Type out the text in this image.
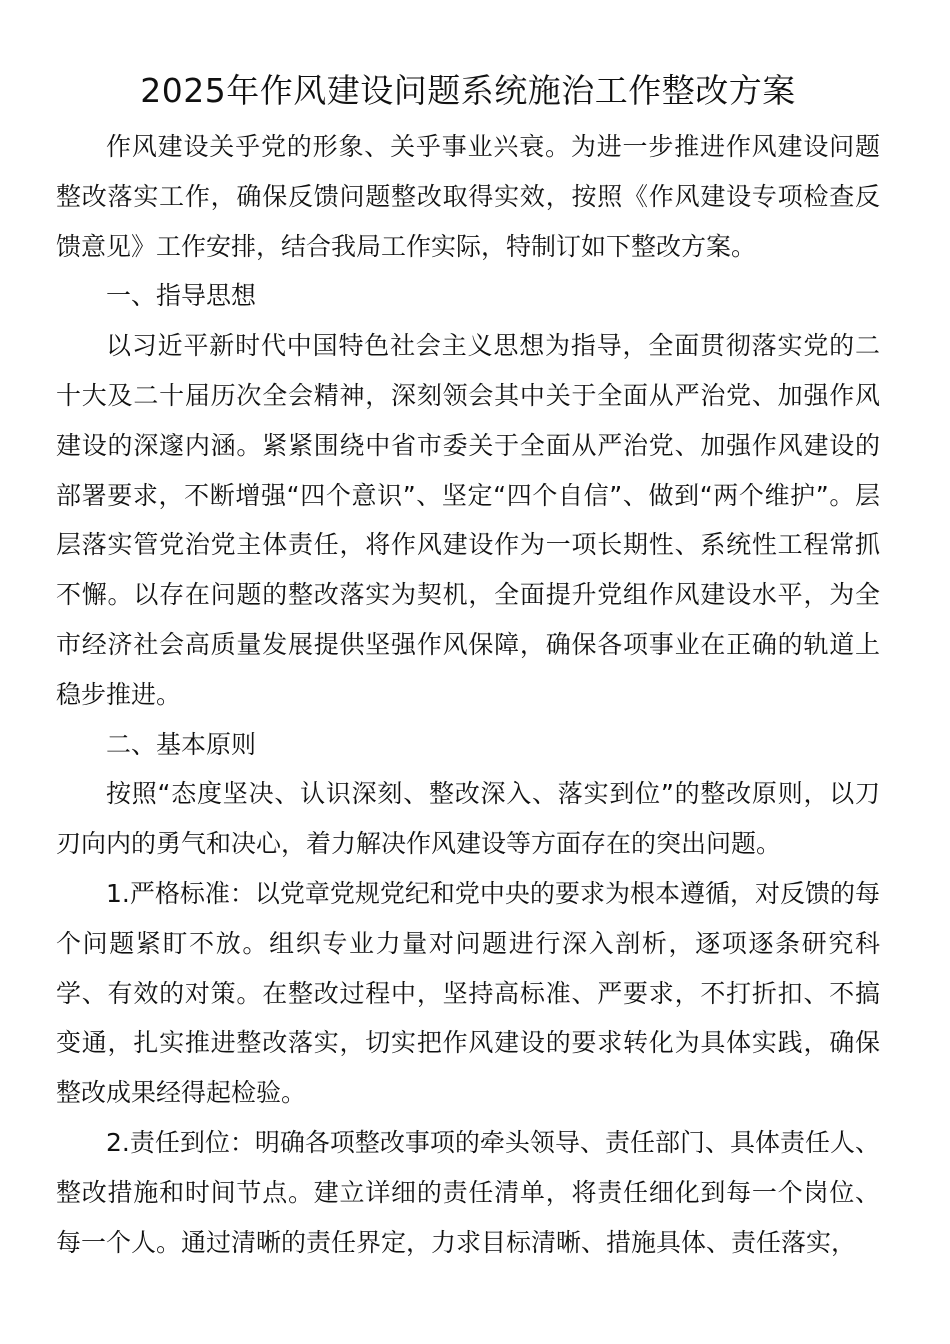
2025年作风建设问题系统施治工作整改方案

作风建设关乎党的形象、关乎事业兴衰。为进一步推进作风建设问题整改落实工作，确保反馈问题整改取得实效，按照《作风建设专项检查反馈意见》工作安排，结合我局工作实际，特制订如下整改方案。

一、指导思想

以习近平新时代中国特色社会主义思想为指导，全面贯彻落实党的二十大及二十届历次全会精神，深刻领会其中关于全面从严治党、加强作风建设的深邃内涵。紧紧围绕中省市委关于全面从严治党、加强作风建设的部署要求，不断增强“四个意识”、坚定“四个自信”、做到“两个维护”。层层落实管党治党主体责任，将作风建设作为一项长期性、系统性工程常抓不懈。以存在问题的整改落实为契机，全面提升党组作风建设水平，为全市经济社会高质量发展提供坚强作风保障，确保各项事业在正确的轨道上稳步推进。

二、基本原则

按照“态度坚决、认识深刻、整改深入、落实到位”的整改原则，以刀刃向内的勇气和决心，着力解决作风建设等方面存在的突出问题。

1.严格标准：以党章党规党纪和党中央的要求为根本遵循，对反馈的每个问题紧盯不放。组织专业力量对问题进行深入剖析，逐项逐条研究科学、有效的对策。在整改过程中，坚持高标准、严要求，不打折扣、不搞变通，扎实推进整改落实，切实把作风建设的要求转化为具体实践，确保整改成果经得起检验。

2.责任到位：明确各项整改事项的牵头领导、责任部门、具体责任人、整改措施和时间节点。建立详细的责任清单，将责任细化到每一个岗位、每一个人。通过清晰的责任界定，力求目标清晰、措施具体、责任落实，
